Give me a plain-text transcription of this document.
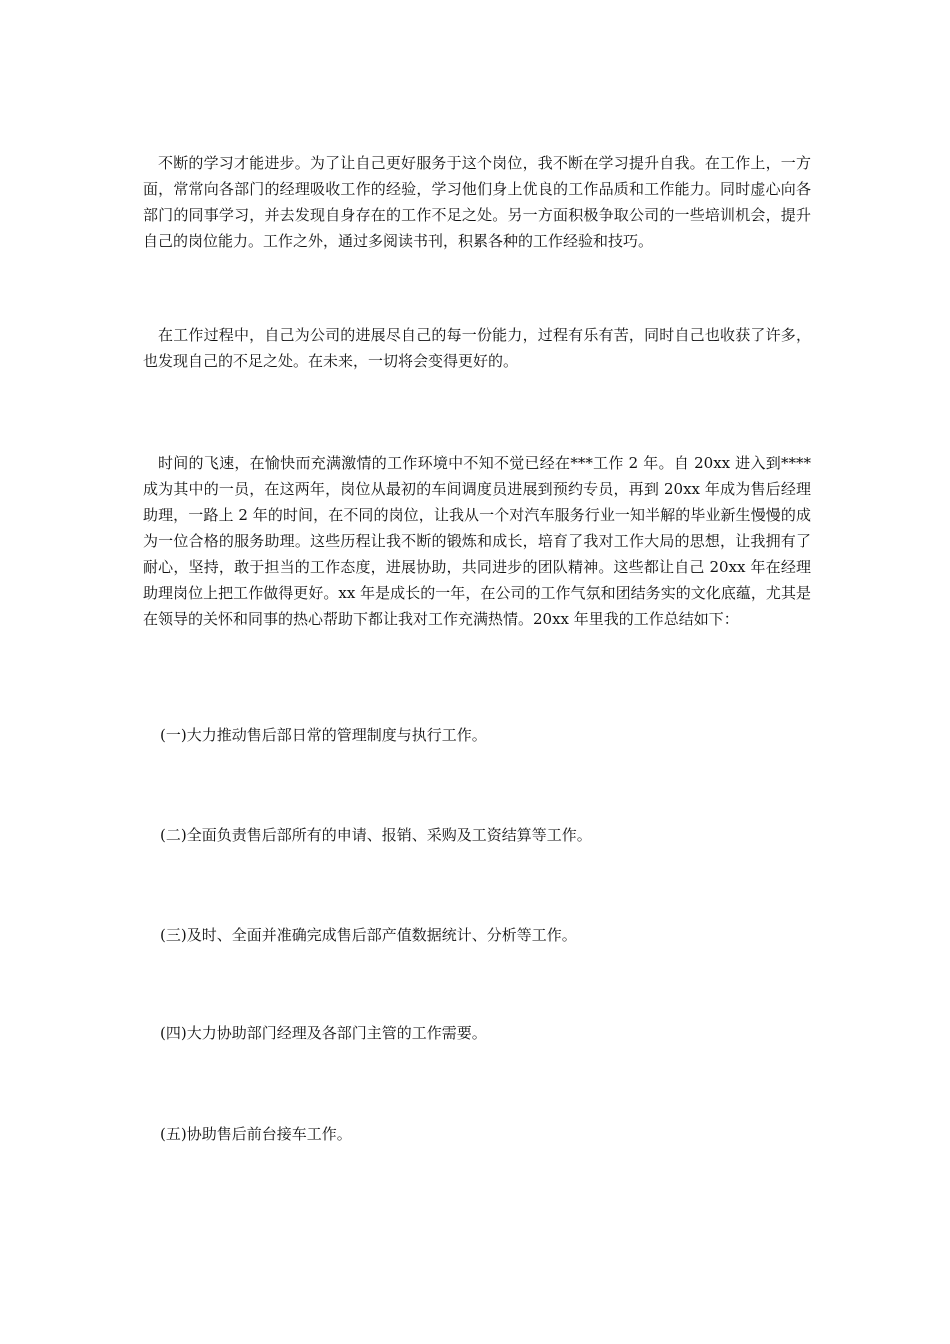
不断的学习才能进步。为了让自己更好服务于这个岗位，我不断在学习提升自我。在工作上，一方面，常常向各部门的经理吸收工作的经验，学习他们身上优良的工作品质和工作能力。同时虚心向各部门的同事学习，并去发现自身存在的工作不足之处。另一方面积极争取公司的一些培训机会，提升自己的岗位能力。工作之外，通过多阅读书刊，积累各种的工作经验和技巧。

在工作过程中，自己为公司的进展尽自己的每一份能力，过程有乐有苦，同时自己也收获了许多，也发现自己的不足之处。在未来，一切将会变得更好的。

时间的飞速，在愉快而充满激情的工作环境中不知不觉已经在***工作 2 年。自 20xx 进入到****成为其中的一员，在这两年，岗位从最初的车间调度员进展到预约专员，再到 20xx 年成为售后经理助理，一路上 2 年的时间，在不同的岗位，让我从一个对汽车服务行业一知半解的毕业新生慢慢的成为一位合格的服务助理。这些历程让我不断的锻炼和成长，培育了我对工作大局的思想，让我拥有了耐心，坚持，敢于担当的工作态度，进展协助，共同进步的团队精神。这些都让自己 20xx 年在经理助理岗位上把工作做得更好。xx 年是成长的一年，在公司的工作气氛和团结务实的文化底蕴，尤其是在领导的关怀和同事的热心帮助下都让我对工作充满热情。20xx 年里我的工作总结如下：

(一)大力推动售后部日常的管理制度与执行工作。

(二)全面负责售后部所有的申请、报销、采购及工资结算等工作。

(三)及时、全面并准确完成售后部产值数据统计、分析等工作。

(四)大力协助部门经理及各部门主管的工作需要。

(五)协助售后前台接车工作。
